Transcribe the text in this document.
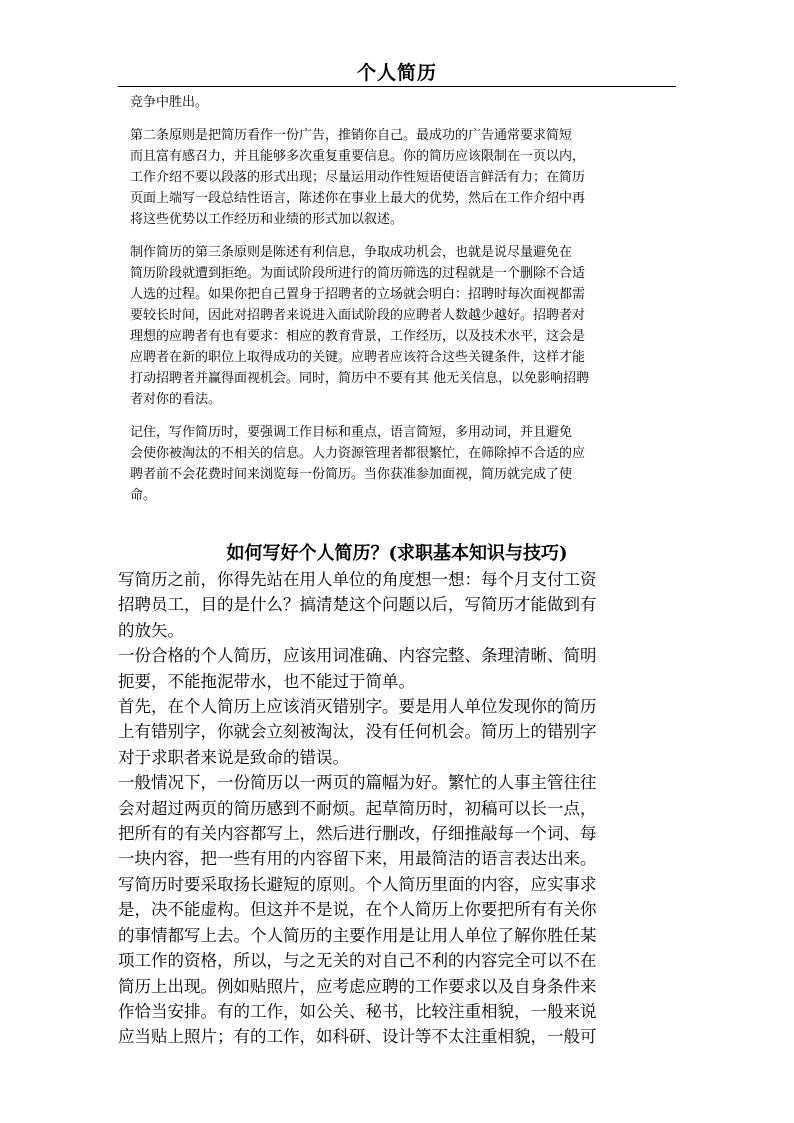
个人简历

竞争中胜出。

第二条原则是把简历看作一份广告，推销你自己。最成功的广告通常要求简短
而且富有感召力，并且能够多次重复重要信息。你的简历应该限制在一页以内，
工作介绍不要以段落的形式出现；尽量运用动作性短语使语言鲜活有力；在简历
页面上端写一段总结性语言，陈述你在事业上最大的优势，然后在工作介绍中再
将这些优势以工作经历和业绩的形式加以叙述。

制作简历的第三条原则是陈述有利信息，争取成功机会，也就是说尽量避免在
简历阶段就遭到拒绝。为面试阶段所进行的简历筛选的过程就是一个删除不合适
人选的过程。如果你把自己置身于招聘者的立场就会明白：招聘时每次面视都需
要较长时间，因此对招聘者来说进入面试阶段的应聘者人数越少越好。招聘者对
理想的应聘者有也有要求：相应的教育背景，工作经历，以及技术水平，这会是
应聘者在新的职位上取得成功的关键。应聘者应该符合这些关键条件，这样才能
打动招聘者并赢得面视机会。同时，简历中不要有其 他无关信息，以免影响招聘
者对你的看法。

记住，写作简历时，要强调工作目标和重点，语言简短，多用动词，并且避免
会使你被淘汰的不相关的信息。人力资源管理者都很繁忙，在筛除掉不合适的应
聘者前不会花费时间来浏览每一份简历。当你获准参加面视，简历就完成了使
命。

如何写好个人简历？(求职基本知识与技巧)

写简历之前，你得先站在用人单位的角度想一想：每个月支付工资
招聘员工，目的是什么？搞清楚这个问题以后，写简历才能做到有
的放矢。

一份合格的个人简历，应该用词准确、内容完整、条理清晰、简明
扼要，不能拖泥带水，也不能过于简单。

首先，在个人简历上应该消灭错别字。要是用人单位发现你的简历
上有错别字，你就会立刻被淘汰，没有任何机会。简历上的错别字
对于求职者来说是致命的错误。

一般情况下，一份简历以一两页的篇幅为好。繁忙的人事主管往往
会对超过两页的简历感到不耐烦。起草简历时，初稿可以长一点，
把所有的有关内容都写上，然后进行删改，仔细推敲每一个词、每
一块内容，把一些有用的内容留下来，用最简洁的语言表达出来。

写简历时要采取扬长避短的原则。个人简历里面的内容，应实事求
是，决不能虚构。但这并不是说，在个人简历上你要把所有有关你
的事情都写上去。个人简历的主要作用是让用人单位了解你胜任某
项工作的资格，所以，与之无关的对自己不利的内容完全可以不在
简历上出现。例如贴照片，应考虑应聘的工作要求以及自身条件来
作恰当安排。有的工作，如公关、秘书，比较注重相貌，一般来说
应当贴上照片；有的工作，如科研、设计等不太注重相貌，一般可
